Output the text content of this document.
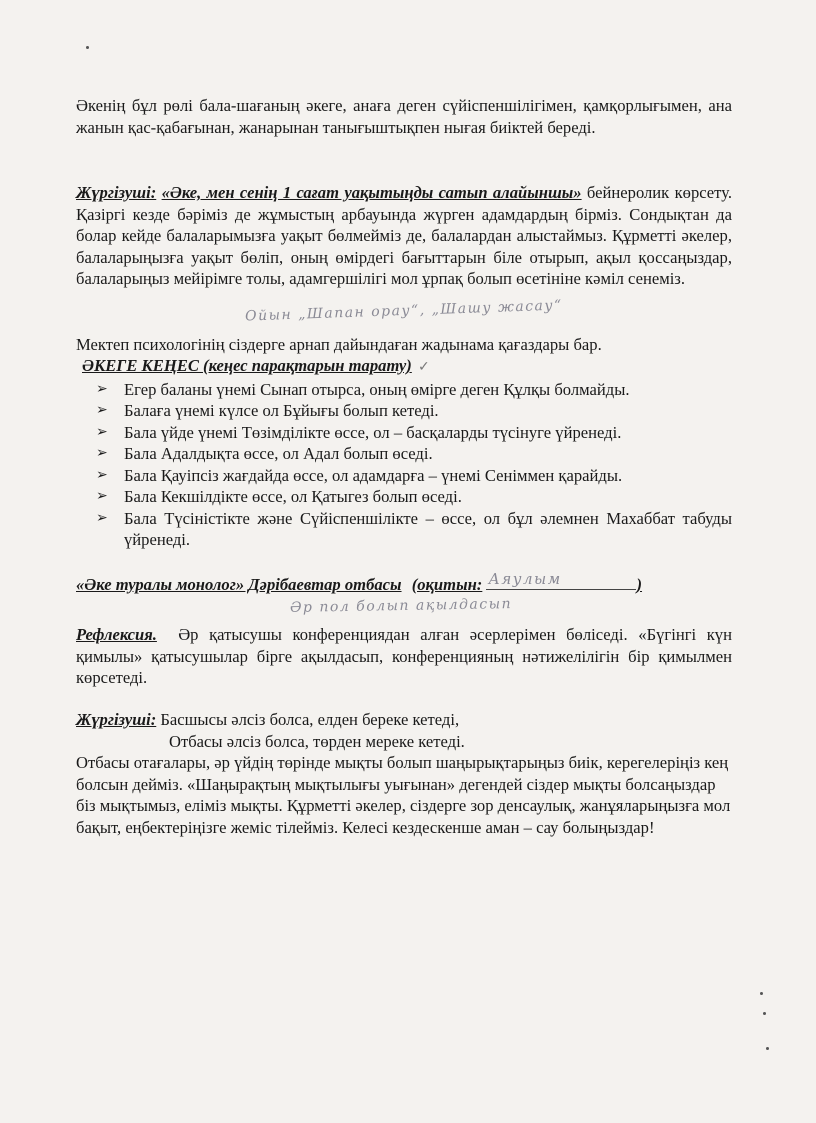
Әкенің бұл рөлі бала-шағаның әкеге, анаға деген сүйіспеншілігімен, қамқорлығымен, ана жанын қас-қабағынан, жанарынан танығыштықпен нығая биіктей береді.
Жүргізуші: «Әке, мен сенің 1 сағат уақытыңды сатып алайыншы» бейнеролик көрсету. Қазіргі кезде бәріміз де жұмыстың арбауында жүрген адамдардың бірміз. Сондықтан да болар кейде балаларымызға уақыт бөлмейміз де, балалардан алыстаймыз. Құрметті әкелер, балаларыңызға уақыт бөліп, оның өмірдегі бағыттарын біле отырып, ақыл қоссаңыздар, балаларыңыз мейірімге толы, адамгершілігі мол ұрпақ болып өсетініне кәміл сенеміз.
Ойын „Шапан орау“, „Шашу жасау“
Мектеп психологінің сіздерге арнап дайындаған жадынама қағаздары бар.
ӘКЕГЕ КЕҢЕС (кеңес парақтарын тарату) ✓
➢ Егер баланы үнемі Сынап отырса, оның өмірге деген Құлқы болмайды.
➢ Балаға үнемі күлсе ол Бұйығы болып кетеді.
➢ Бала үйде үнемі Төзімділікте өссе, ол – басқаларды түсінуге үйренеді.
➢ Бала Адалдықта өссе, ол Адал болып өседі.
➢ Бала Қауіпсіз жағдайда өссе, ол адамдарға – үнемі Сеніммен қарайды.
➢ Бала Кекшілдікте өссе, ол Қатыгез болып өседі.
➢ Бала Түсіністікте және Сүйіспеншілікте – өссе, ол бұл әлемнен Махаббат табуды үйренеді.
«Әке туралы монолог» Дәрібаевтар отбасы (оқитын: Аяулым	)
Әр пол болып ақылдасып
Рефлексия. Әр қатысушы конференциядан алған әсерлерімен бөліседі. «Бүгінгі күн қимылы» қатысушылар бірге ақылдасып, конференцияның нәтижелілігін бір қимылмен көрсетеді.
Жүргізуші: Басшысы әлсіз болса, елден береке кетеді,
Отбасы әлсіз болса, төрден мереке кетеді.
Отбасы отағалары, әр үйдің төрінде мықты болып шаңырықтарыңыз биік, керегелеріңіз кең болсын дейміз. «Шаңырақтың мықтылығы уығынан» дегендей сіздер мықты болсаңыздар біз мықтымыз, еліміз мықты. Құрметті әкелер, сіздерге зор денсаулық, жанұяларыңызға мол бақыт, еңбектеріңізге жеміс тілейміз. Келесі кездескенше аман – сау болыңыздар!
